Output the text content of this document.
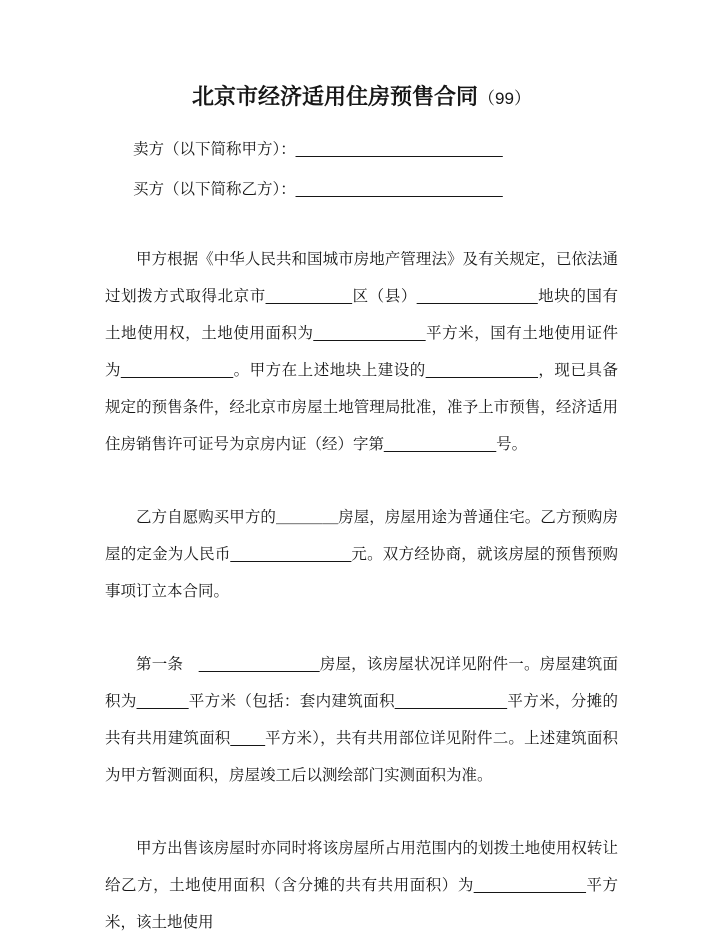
北京市经济适用住房预售合同（99）
卖方（以下简称甲方）：________________________
买方（以下简称乙方）：________________________

甲方根据《中华人民共和国城市房地产管理法》及有关规定，已依法通过划拨方式取得北京市__________区（县）______________地块的国有土地使用权，土地使用面积为_____________平方米，国有土地使用证件为_____________。甲方在上述地块上建设的_____________，现已具备规定的预售条件，经北京市房屋土地管理局批准，准予上市预售，经济适用住房销售许可证号为京房内证（经）字第_____________号。

乙方自愿购买甲方的＿＿＿＿房屋，房屋用途为普通住宅。乙方预购房屋的定金为人民币______________元。双方经协商，就该房屋的预售预购事项订立本合同。

第一条　______________房屋，该房屋状况详见附件一。房屋建筑面积为______平方米（包括：套内建筑面积_____________平方米，分摊的共有共用建筑面积____平方米），共有共用部位详见附件二。上述建筑面积为甲方暂测面积，房屋竣工后以测绘部门实测面积为准。

甲方出售该房屋时亦同时将该房屋所占用范围内的划拨土地使用权转让给乙方，土地使用面积（含分摊的共有共用面积）为_____________平方米，该土地使用
